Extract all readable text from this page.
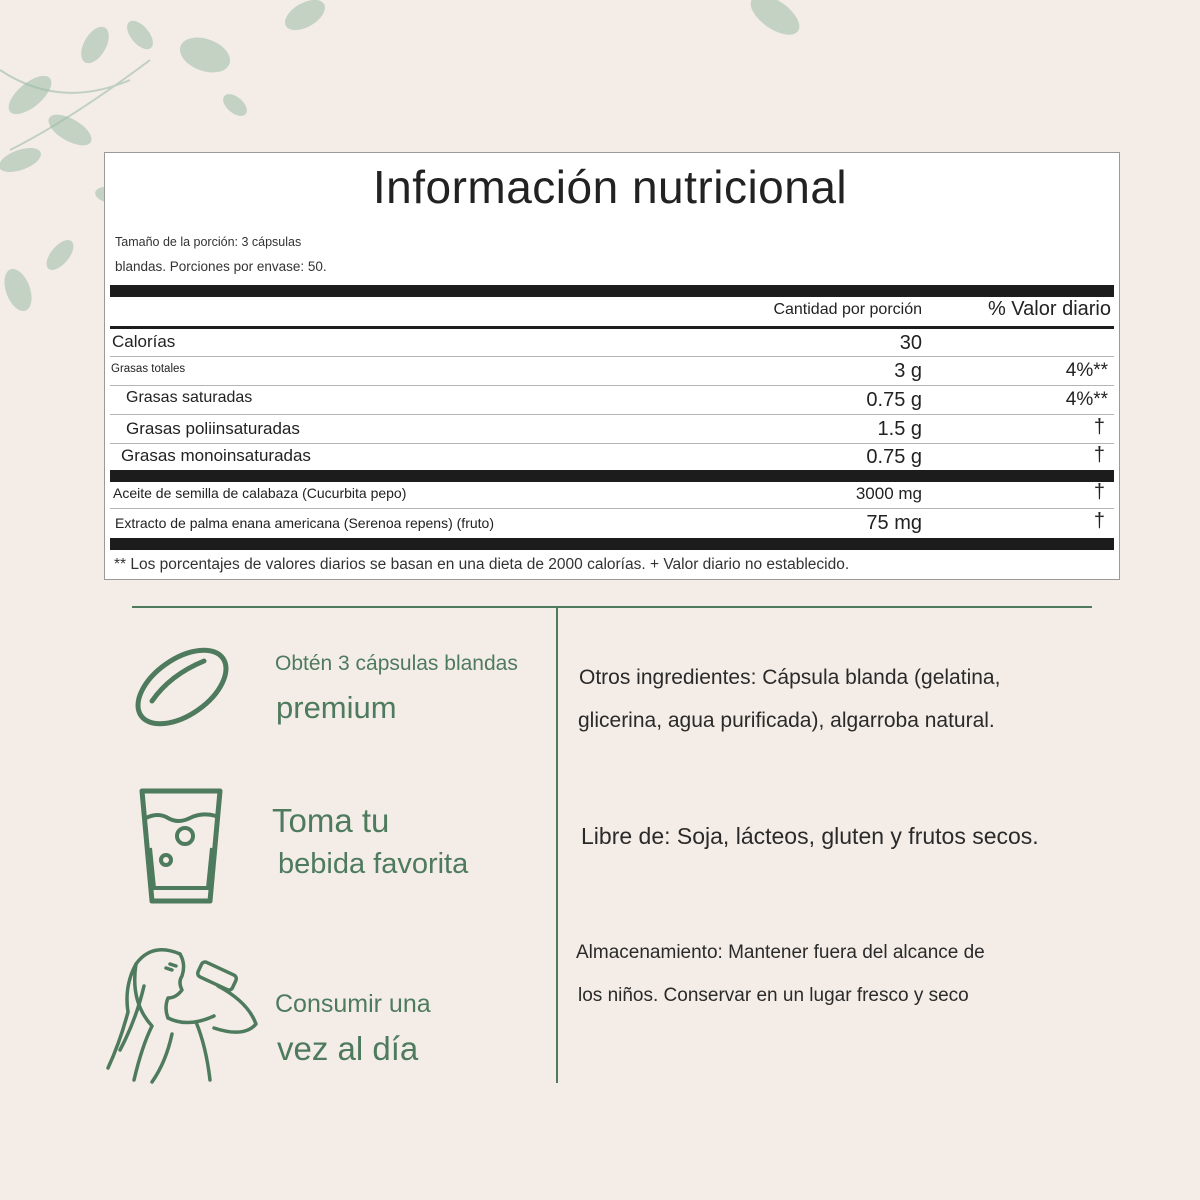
Información nutricional
Tamaño de la porción: 3 cápsulas
blandas. Porciones por envase: 50.
Cantidad por porción	% Valor diario
Calorías	30
Grasas totales	3 g	4%**
Grasas saturadas	0.75 g	4%**
Grasas poliinsaturadas	1.5 g	†
Grasas monoinsaturadas	0.75 g	†
Aceite de semilla de calabaza (Cucurbita pepo)	3000 mg	†
Extracto de palma enana americana (Serenoa repens) (fruto)	75 mg	†
** Los porcentajes de valores diarios se basan en una dieta de 2000 calorías. + Valor diario no establecido.
Obtén 3 cápsulas blandas
premium
Toma tu
bebida favorita
Consumir una
vez al día
Otros ingredientes: Cápsula blanda (gelatina,
glicerina, agua purificada), algarroba natural.
Libre de: Soja, lácteos, gluten y frutos secos.
Almacenamiento: Mantener fuera del alcance de
los niños. Conservar en un lugar fresco y seco
